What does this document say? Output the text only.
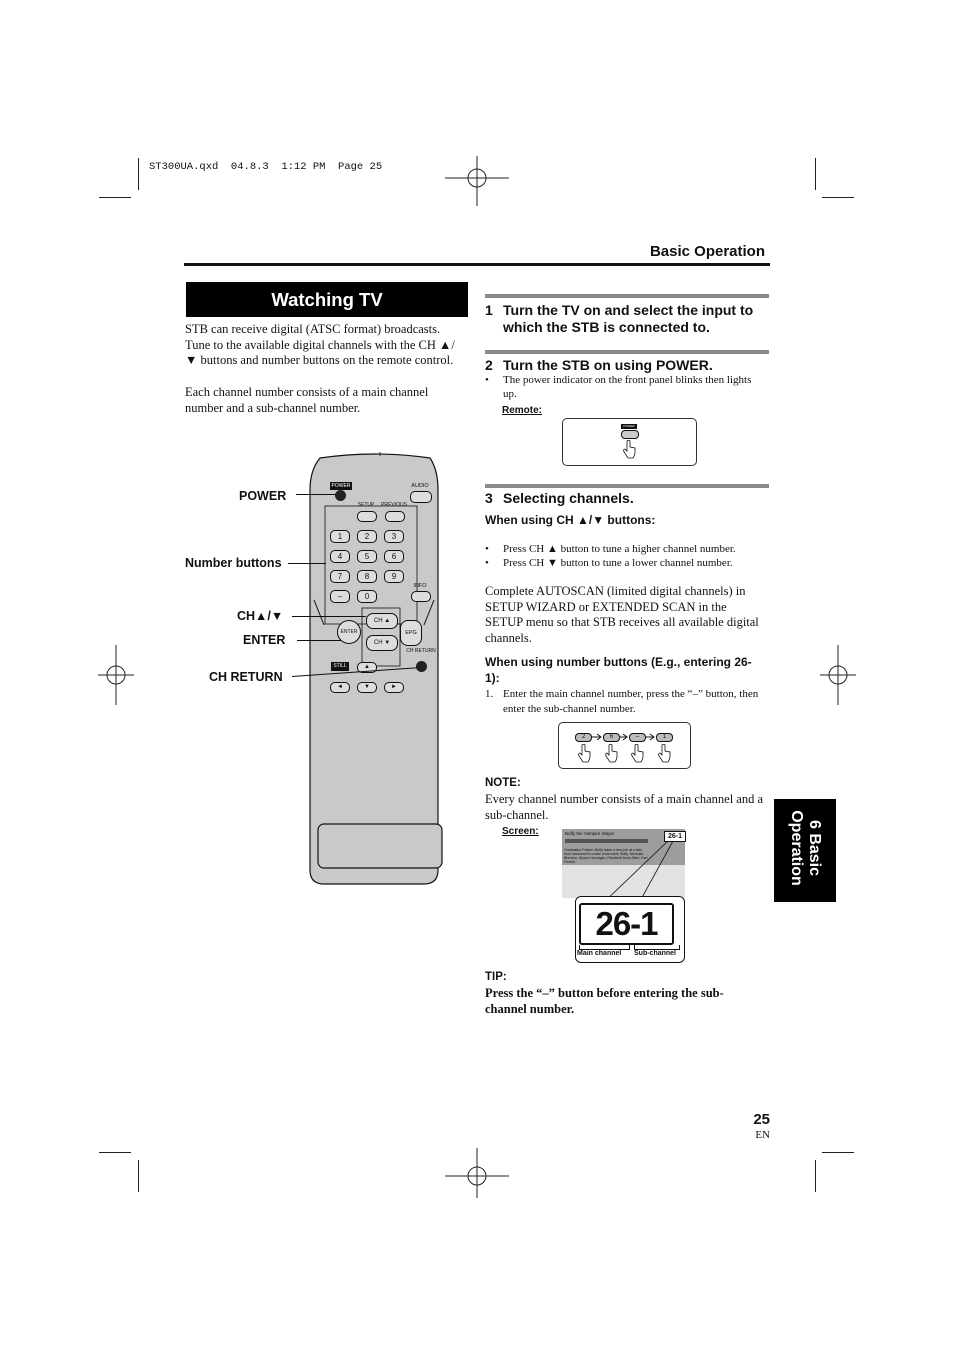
ST300UA.qxd  04.8.3  1:12 PM  Page 25
Basic Operation
Watching TV
STB can receive digital (ATSC format) broadcasts. Tune to the available digital channels with the CH ▲/▼ buttons and number buttons on the remote control.
Each channel number consists of a main channel number and a sub-channel number.
POWER
Number buttons
CH▲/▼
ENTER
CH RETURN
POWER	AUDIO
SETUP	PREVIOUS
1	2	3
4	5	6
7	8	9
–	0
INFO
CH ▲
CH ▼
ENTER	EPG
STILL	▲
CH RETURN
◄	▼	►
1 Turn the TV on and select the input to which the STB is connected to.
2 Turn the STB on using POWER.
• The power indicator on the front panel blinks then lights up.
Remote:
POWER
3 Selecting channels.
When using CH ▲/▼ buttons:
• Press CH ▲ button to tune a higher channel number.
• Press CH ▼ button to tune a lower channel number.
Complete AUTOSCAN (limited digital channels) in SETUP WIZARD or EXTENDED SCAN in the SETUP menu so that STB receives all available digital channels.
When using number buttons (E.g., entering 26-1):
1. Enter the main channel number, press the “–” button, then enter the sub-channel number.
2	6	–	1
NOTE:
Every channel number consists of a main channel and a sub-channel.
Screen:	Buffy the Vampire Slayer
Graduation Palace: Buffy takes a new job at a fast food restaurant to make ends meet; Buffy, Nicholas Brendon, Alyson Hannigan, Elizabeth Anne Allen, Kari Fischer
26-1
26-1
Main channel Sub-channel
TIP:
Press the “–” button before entering the sub-channel number.
6 Basic
Operation
25
EN
